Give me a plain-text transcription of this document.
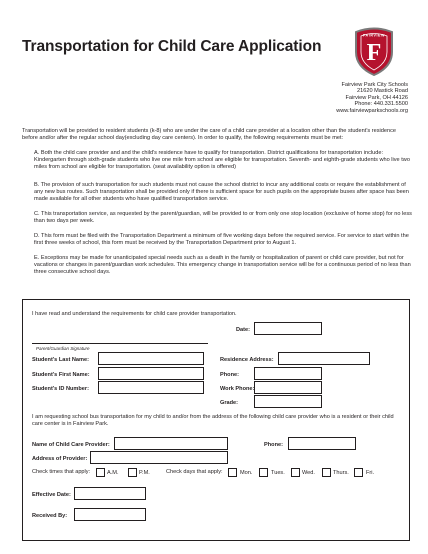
Transportation for Child Care Application
FAIRVIEW
F
Fairview Park City Schools
21620 Mastick Road
Fairview Park, OH 44126
Phone: 440.331.5500
www.fairviewparkschools.org
Transportation will be provided to resident students (k-8) who are under the care of a child care provider at a location other than the student's residence before and/or after the regular school day(excluding day care centers). In order to qualify, the following requirements must be met:
A. Both the child care provider and and the child's residence have to qualify for transportation. District qualifications for transportation include: Kindergarten through sixth-grade students who live one mile from school are eligible for transportation. Seventh- and eighth-grade students who live two miles from school are eligible for transportation. (seat availability option is offered)
B. The provision of such transportation for such students must not cause the school district to incur any additional costs or require the establishment of any new bus routes. Such transportation shall be provided only if there is sufficient space for such pupils on the appropriate buses after space has been made available for all other students who have qualified transportation service.
C. This transportation service, as requested by the parent/guardian, will be provided to or from only one stop location (exclusive of home stop) for no less than two days per week.
D. This form must be filed with the Transportation Department a minimum of five working days before the required service. For service to start within the first three weeks of school, this form must be received by the Transportation Department prior to August 1.
E. Exceptions may be made for unanticipated special needs such as a death in the family or hospitalization of parent or child care provider, but not for vacations or changes in parent/guardian work schedules. This emergency change in transportation service will be for a continuous period of no less than three consecutive school days.
I have read and understand the requirements for child care provider transportation.
Date:
Parent/Guardian Signature
Student's Last Name:
Student's First Name:
Student's ID Number:
Residence Address:
Phone:
Work Phone:
Grade:
I am requesting school bus transportation for my child to and/or from the address of the following child care provider who is a resident or their child care center is in Fairview Park.
Name of Child Care Provider:	Phone:
Address of Provider:
Check times that apply:	A.M.	P.M.	Check days that apply:	Mon.	Tues.	Wed.	Thurs.	Fri.
Effective Date:
Received By:
